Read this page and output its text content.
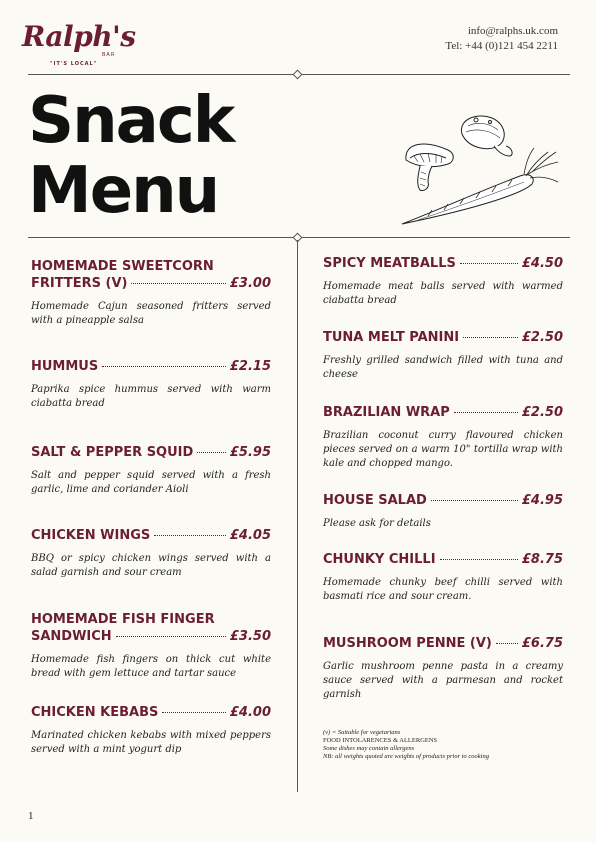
Ralph's
BAR
"IT'S LOCAL"
info@ralphs.uk.com
Tel: +44 (0)121 454 2211
Snack
Menu
HOMEMADE SWEETCORN
FRITTERS (V)	£3.00
Homemade Cajun seasoned fritters served with a pineapple salsa
HUMMUS	£2.15
Paprika spice hummus served with warm ciabatta bread
SALT & PEPPER SQUID	£5.95
Salt and pepper squid served with a fresh garlic, lime and coriander Aioli
CHICKEN WINGS	£4.05
BBQ or spicy chicken wings served with a salad garnish and sour cream
HOMEMADE FISH FINGER
SANDWICH	£3.50
Homemade fish fingers on thick cut white bread with gem lettuce and tartar sauce
CHICKEN KEBABS	£4.00
Marinated chicken kebabs with mixed peppers served with a mint yogurt dip
SPICY MEATBALLS	£4.50
Homemade meat balls served with warmed ciabatta bread
TUNA MELT PANINI	£2.50
Freshly grilled sandwich filled with tuna and cheese
BRAZILIAN WRAP	£2.50
Brazilian coconut curry flavoured chicken pieces served on a warm 10" tortilla wrap with kale and chopped mango.
HOUSE SALAD	£4.95
Please ask for details
CHUNKY CHILLI	£8.75
Homemade chunky beef chilli served with basmati rice and sour cream.
MUSHROOM PENNE (V) £6.75
Garlic mushroom penne pasta in a creamy sauce served with a parmesan and rocket garnish
(v) = Suitable for vegetarians
FOOD INTOLARENCES & ALLERGENS
Some dishes may contain allergens
NB: all weights quoted are weights of products prior to cooking
1
